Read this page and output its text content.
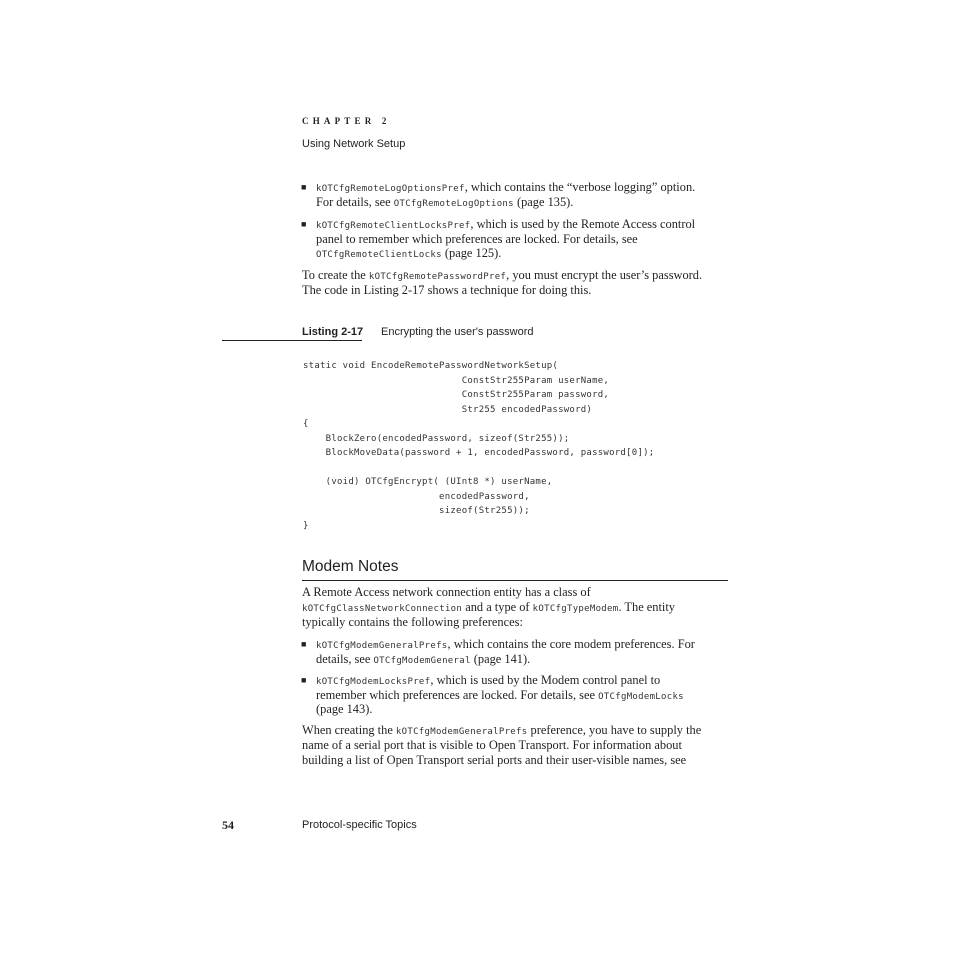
CHAPTER 2
Using Network Setup
■ kOTCfgRemoteLogOptionsPref, which contains the “verbose logging” option.
For details, see OTCfgRemoteLogOptions (page 135).
■ kOTCfgRemoteClientLocksPref, which is used by the Remote Access control
panel to remember which preferences are locked. For details, see
OTCfgRemoteClientLocks (page 125).
To create the kOTCfgRemotePasswordPref, you must encrypt the user’s password.
The code in Listing 2-17 shows a technique for doing this.
Listing 2-17 Encrypting the user's password
static void EncodeRemotePasswordNetworkSetup(
ConstStr255Param userName,
ConstStr255Param password,
Str255 encodedPassword)
{
BlockZero(encodedPassword, sizeof(Str255));
BlockMoveData(password + 1, encodedPassword, password[0]);

(void) OTCfgEncrypt( (UInt8 *) userName,
encodedPassword,
sizeof(Str255));
}
Modem Notes
A Remote Access network connection entity has a class of
kOTCfgClassNetworkConnection and a type of kOTCfgTypeModem. The entity
typically contains the following preferences:
■ kOTCfgModemGeneralPrefs, which contains the core modem preferences. For
details, see OTCfgModemGeneral (page 141).
■ kOTCfgModemLocksPref, which is used by the Modem control panel to
remember which preferences are locked. For details, see OTCfgModemLocks
(page 143).
When creating the kOTCfgModemGeneralPrefs preference, you have to supply the
name of a serial port that is visible to Open Transport. For information about
building a list of Open Transport serial ports and their user-visible names, see
54	Protocol-specific Topics
